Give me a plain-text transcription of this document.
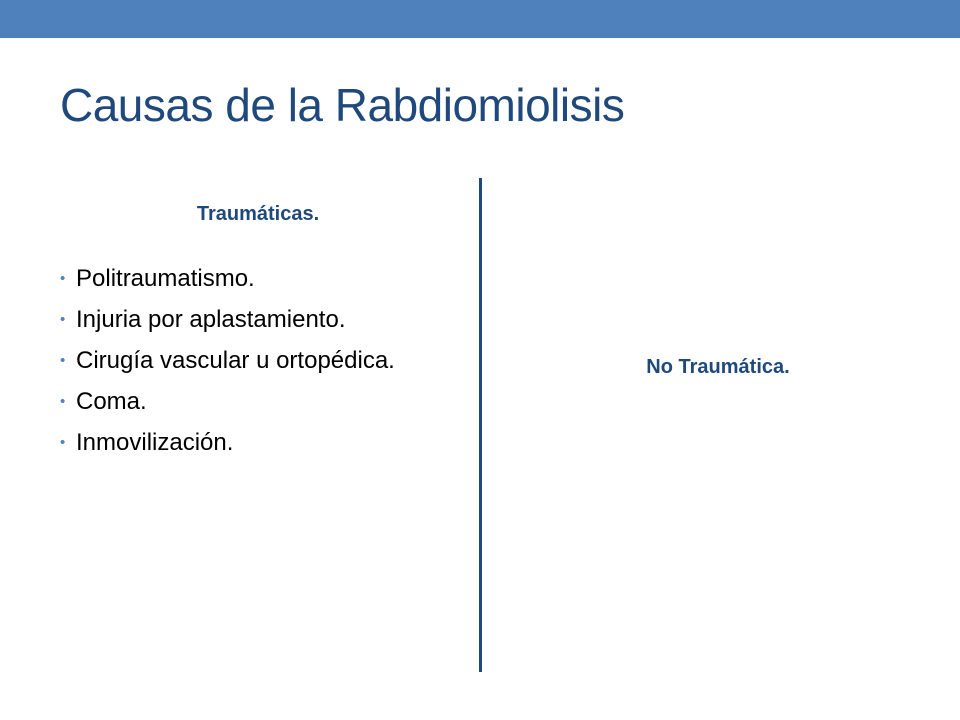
Causas de la Rabdiomiolisis
Traumáticas.
• Politraumatismo.
• Injuria por aplastamiento.
• Cirugía vascular u ortopédica.
• Coma.
• Inmovilización.
No Traumática.
